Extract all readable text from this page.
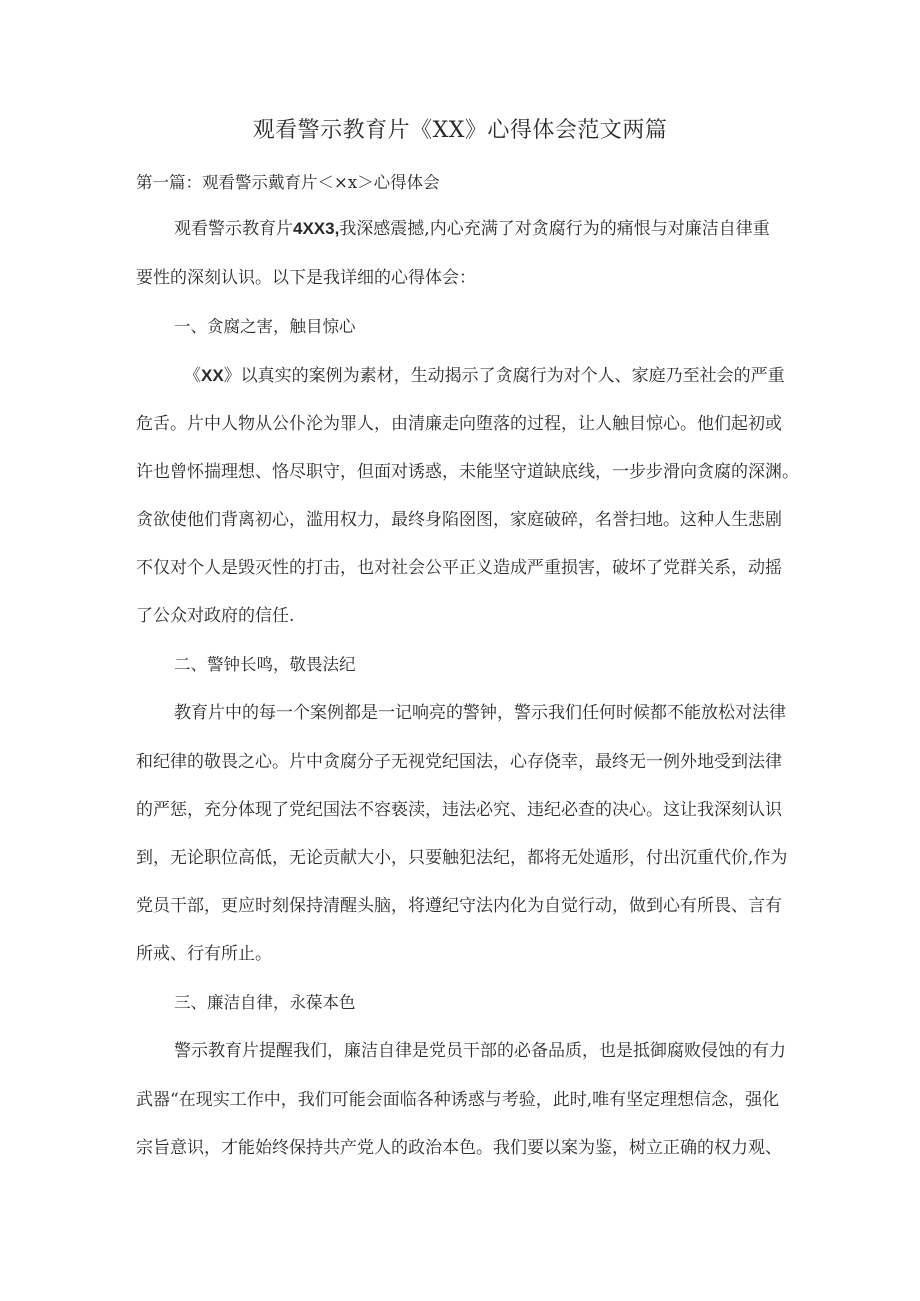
观看警示教育片《XX》心得体会范文两篇
第一篇：观看警示戴育片＜×x＞心得体会
观看警示教育片4XX3,我深感震撼,内心充满了对贪腐行为的痛恨与对廉洁自律重
要性的深刻认识。以下是我详细的心得体会：
一、贪腐之害，触目惊心
《XX》以真实的案例为素材，生动揭示了贪腐行为对个人、家庭乃至社会的严重
危舌。片中人物从公仆沦为罪人，由清廉走向堕落的过程，让人触目惊心。他们起初或
许也曾怀揣理想、恪尽职守，但面对诱惑，未能坚守道缺底线，一步步滑向贪腐的深渊。
贪欲使他们背离初心，滥用权力，最终身陷囹图，家庭破碎，名誉扫地。这种人生悲剧
不仅对个人是毁灭性的打击，也对社会公平正义造成严重损害，破坏了党群关系，动摇
了公众对政府的信任.
二、警钟长鸣，敬畏法纪
教育片中的每一个案例都是一记响亮的警钟，警示我们任何时候都不能放松对法律
和纪律的敬畏之心。片中贪腐分子无视党纪国法，心存侥幸，最终无一例外地受到法律
的严惩，充分体现了党纪国法不容亵渎，违法必究、违纪必查的决心。这让我深刻认识
到，无论职位高低，无论贡献大小，只要触犯法纪，都将无处遁形，付出沉重代价,作为
党员干部，更应时刻保持清醒头脑，将遵纪守法内化为自觉行动，做到心有所畏、言有
所戒、行有所止。
三、廉洁自律，永葆本色
警示教育片提醒我们，廉洁自律是党员干部的必备品质，也是抵御腐败侵蚀的有力
武器“在现实工作中，我们可能会面临各种诱惑与考验，此时,唯有坚定理想信念，强化
宗旨意识，才能始终保持共产党人的政治本色。我们要以案为鉴，树立正确的权力观、
